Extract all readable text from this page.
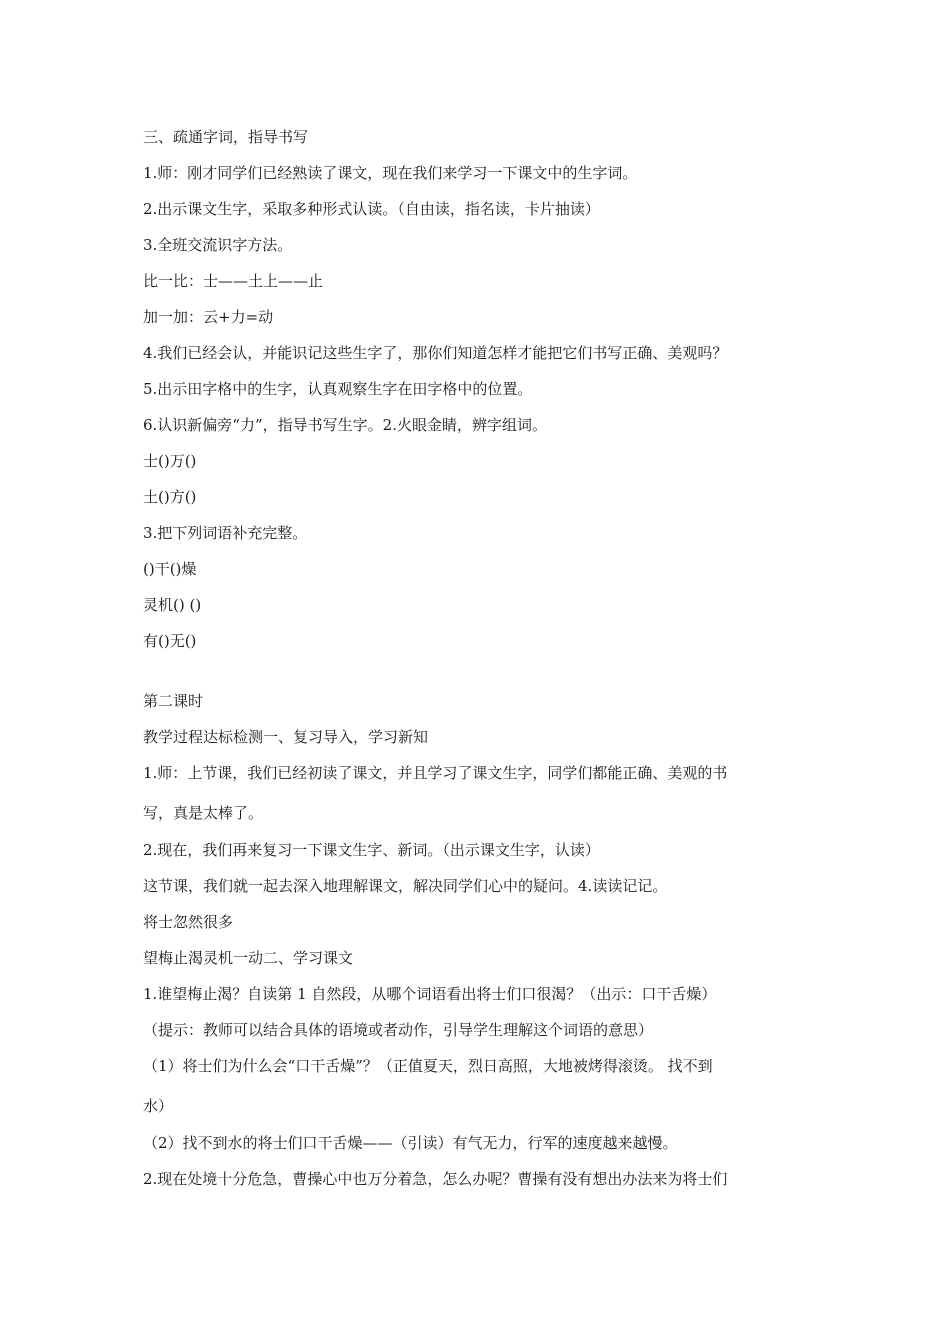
三、疏通字词，指导书写
1.师：刚才同学们已经熟读了课文，现在我们来学习一下课文中的生字词。
2.出示课文生字，采取多种形式认读。（自由读，指名读，卡片抽读）
3.全班交流识字方法。
比一比：士——土上——止
加一加：云+力=动
4.我们已经会认，并能识记这些生字了，那你们知道怎样才能把它们书写正确、美观吗？
5.出示田字格中的生字，认真观察生字在田字格中的位置。
6.认识新偏旁“力”，指导书写生字。2.火眼金睛，辨字组词。
士()万()
土()方()
3.把下列词语补充完整。
()干()燥
灵机() ()
有()无()
第二课时
教学过程达标检测一、复习导入，学习新知
1.师：上节课，我们已经初读了课文，并且学习了课文生字，同学们都能正确、美观的书
写，真是太棒了。
2.现在，我们再来复习一下课文生字、新词。（出示课文生字，认读）
这节课，我们就一起去深入地理解课文，解决同学们心中的疑问。4.读读记记。
将士忽然很多
望梅止渴灵机一动二、学习课文
1.谁望梅止渴？自读第 1 自然段，从哪个词语看出将士们口很渴？（出示：口干舌燥）
（提示：教师可以结合具体的语境或者动作，引导学生理解这个词语的意思）
（1）将士们为什么会“口干舌燥”？（正值夏天，烈日高照，大地被烤得滚烫。 找不到
水）
（2）找不到水的将士们口干舌燥——（引读）有气无力，行军的速度越来越慢。
2.现在处境十分危急，曹操心中也万分着急，怎么办呢？曹操有没有想出办法来为将士们
